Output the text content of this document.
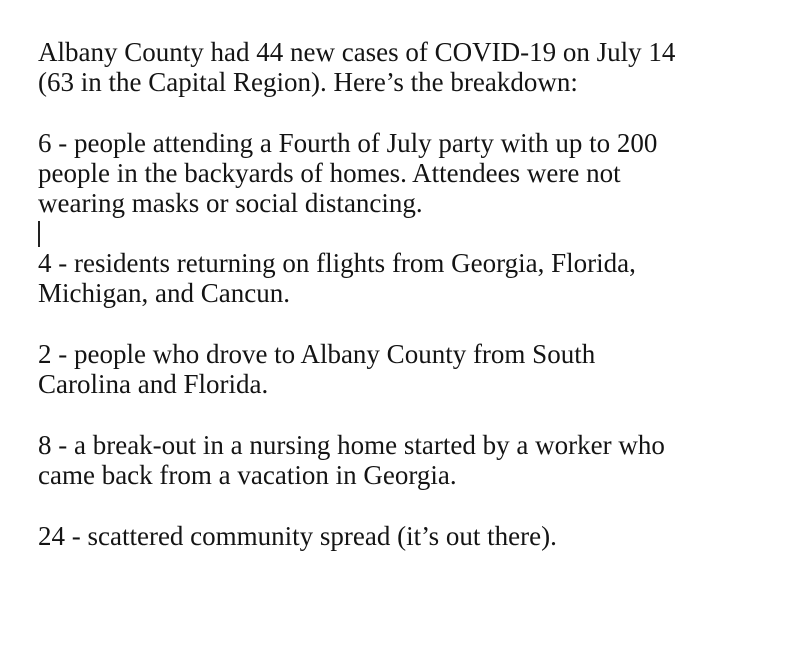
Albany County had 44 new cases of COVID-19 on July 14
(63 in the Capital Region). Here’s the breakdown:

6 - people attending a Fourth of July party with up to 200
people in the backyards of homes. Attendees were not
wearing masks or social distancing.

4 - residents returning on flights from Georgia, Florida,
Michigan, and Cancun.

2 - people who drove to Albany County from South
Carolina and Florida.

8 - a break-out in a nursing home started by a worker who
came back from a vacation in Georgia.

24 - scattered community spread (it’s out there).
